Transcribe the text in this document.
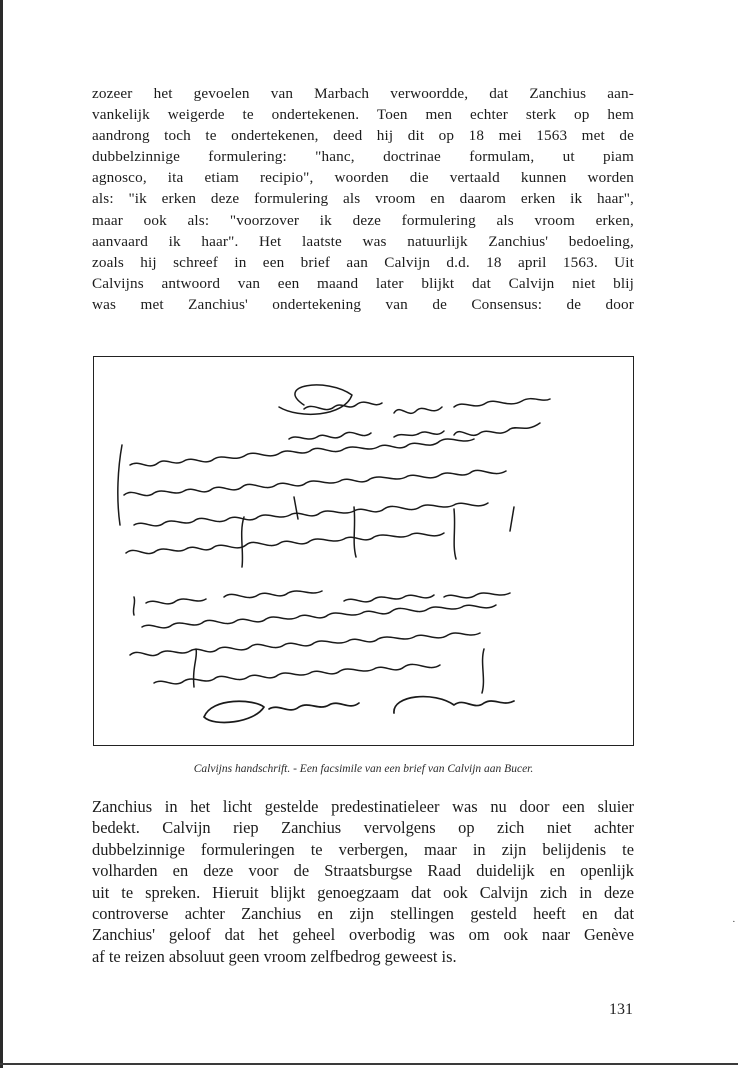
zozeer het gevoelen van Marbach verwoordde, dat Zanchius aan-
vankelijk weigerde te ondertekenen. Toen men echter sterk op hem
aandrong toch te ondertekenen, deed hij dit op 18 mei 1563 met de
dubbelzinnige formulering: "hanc, doctrinae formulam, ut piam
agnosco, ita etiam recipio", woorden die vertaald kunnen worden
als: "ik erken deze formulering als vroom en daarom erken ik haar",
maar ook als: "voorzover ik deze formulering als vroom erken,
aanvaard ik haar". Het laatste was natuurlijk Zanchius' bedoeling,
zoals hij schreef in een brief aan Calvijn d.d. 18 april 1563. Uit
Calvijns antwoord van een maand later blijkt dat Calvijn niet blij
was met Zanchius' ondertekening van de Consensus: de door
Calvijns handschrift. - Een facsimile van een brief van Calvijn aan Bucer.
Zanchius in het licht gestelde predestinatieleer was nu door een sluier
bedekt. Calvijn riep Zanchius vervolgens op zich niet achter
dubbelzinnige formuleringen te verbergen, maar in zijn belijdenis te
volharden en deze voor de Straatsburgse Raad duidelijk en openlijk
uit te spreken. Hieruit blijkt genoegzaam dat ook Calvijn zich in deze
controverse achter Zanchius en zijn stellingen gesteld heeft en dat
Zanchius' geloof dat het geheel overbodig was om ook naar Genève
af te reizen absoluut geen vroom zelfbedrog geweest is.
131
·
